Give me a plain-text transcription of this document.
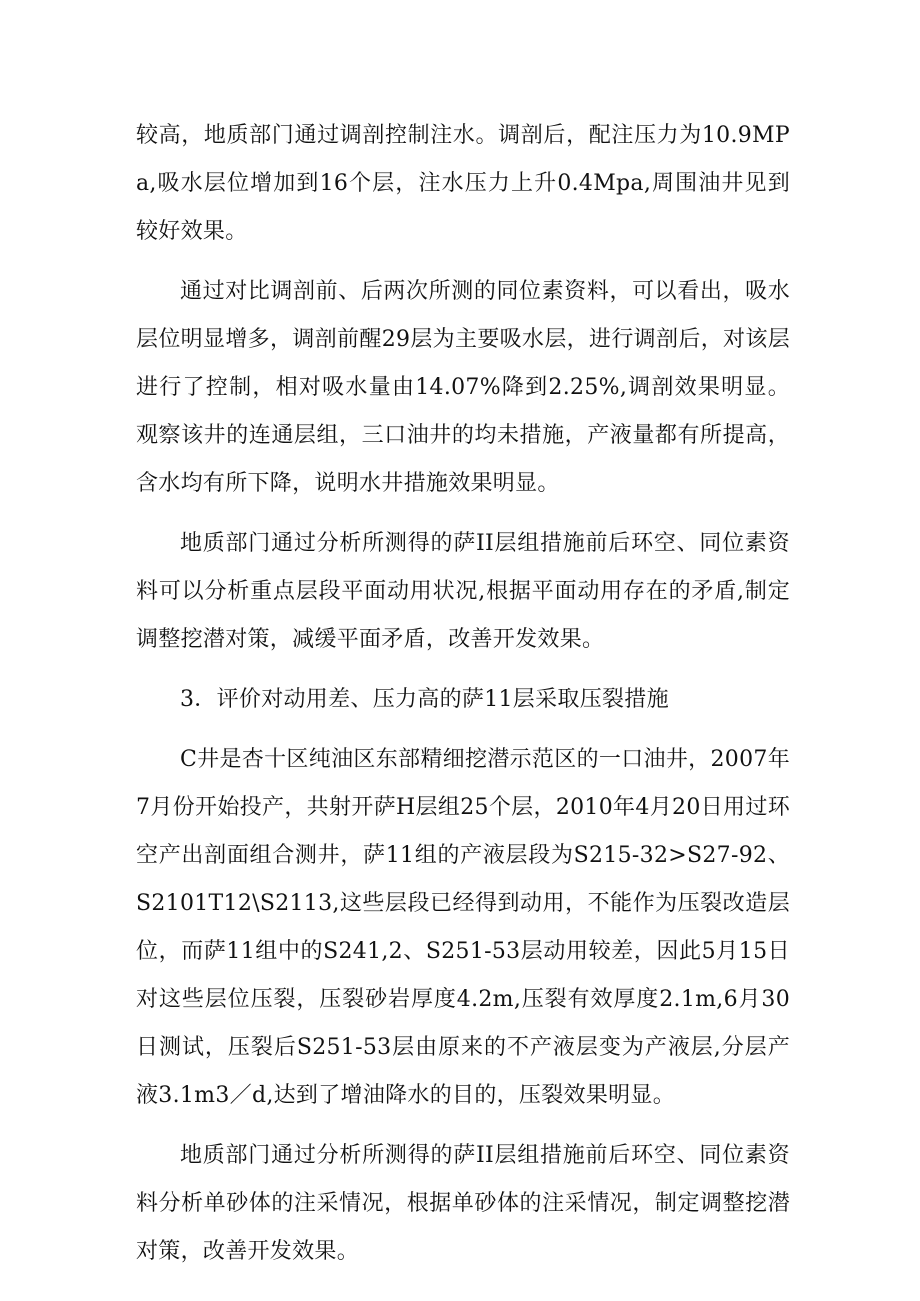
较高，地质部门通过调剖控制注水。调剖后，配注压力为10.9MPa,吸水层位增加到16个层，注水压力上升0.4Mpa,周围油井见到较好效果。

通过对比调剖前、后两次所测的同位素资料，可以看出，吸水层位明显增多，调剖前醒29层为主要吸水层，进行调剖后，对该层进行了控制，相对吸水量由14.07%降到2.25%,调剖效果明显。观察该井的连通层组，三口油井的均未措施，产液量都有所提高，含水均有所下降，说明水井措施效果明显。

地质部门通过分析所测得的萨II层组措施前后环空、同位素资料可以分析重点层段平面动用状况,根据平面动用存在的矛盾,制定调整挖潜对策，减缓平面矛盾，改善开发效果。

3．评价对动用差、压力高的萨11层采取压裂措施

C井是杏十区纯油区东部精细挖潜示范区的一口油井，2007年7月份开始投产，共射开萨H层组25个层，2010年4月20日用过环空产出剖面组合测井，萨11组的产液层段为S215-32>S27-92、S2101T12\S2113,这些层段已经得到动用，不能作为压裂改造层位，而萨11组中的S241,2、S251-53层动用较差，因此5月15日对这些层位压裂，压裂砂岩厚度4.2m,压裂有效厚度2.1m,6月30日测试，压裂后S251-53层由原来的不产液层变为产液层,分层产液3.1m3／d,达到了增油降水的目的，压裂效果明显。

地质部门通过分析所测得的萨II层组措施前后环空、同位素资料分析单砂体的注采情况，根据单砂体的注采情况，制定调整挖潜对策，改善开发效果。
